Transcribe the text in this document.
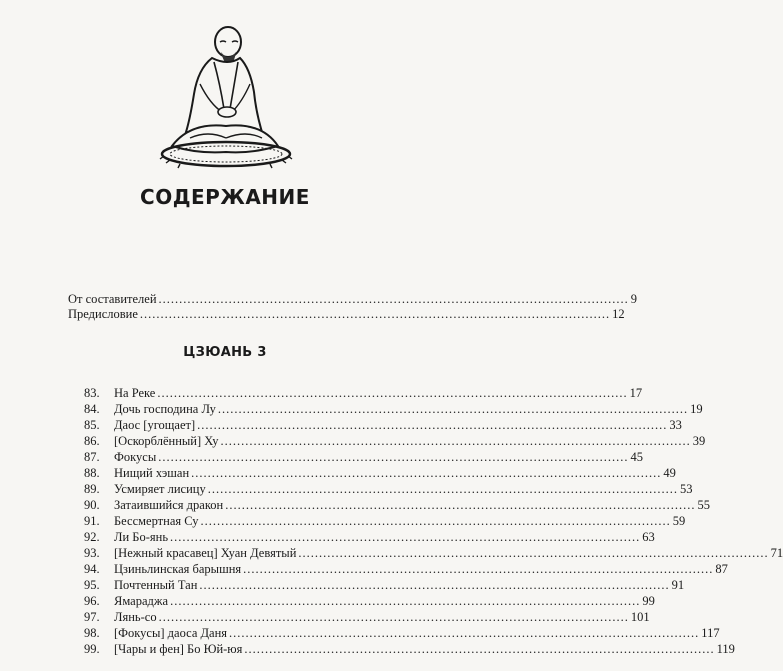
СОДЕРЖАНИЕ
От составителей .................................................................................................................. 9
Предисловие .................................................................................................................. 12
ЦЗЮАНЬ 3
83.	На Реке .................................................................................................................. 17
84.	Дочь господина Лу .................................................................................................................. 19
85.	Даос [угощает] .................................................................................................................. 33
86.	[Оскорблённый] Ху .................................................................................................................. 39
87.	Фокусы .................................................................................................................. 45
88.	Нищий хэшан .................................................................................................................. 49
89.	Усмиряет лисицу .................................................................................................................. 53
90.	Затаившийся дракон .................................................................................................................. 55
91.	Бессмертная Су .................................................................................................................. 59
92.	Ли Бо-янь .................................................................................................................. 63
93.	[Нежный красавец] Хуан Девятый .................................................................................................................. 71
94.	Цзиньлинская барышня .................................................................................................................. 87
95.	Почтенный Тан .................................................................................................................. 91
96.	Ямараджа .................................................................................................................. 99
97.	Лянь-со .................................................................................................................. 101
98.	[Фокусы] даоса Даня .................................................................................................................. 117
99.	[Чары и фен] Бо Юй-юя .................................................................................................................. 119
